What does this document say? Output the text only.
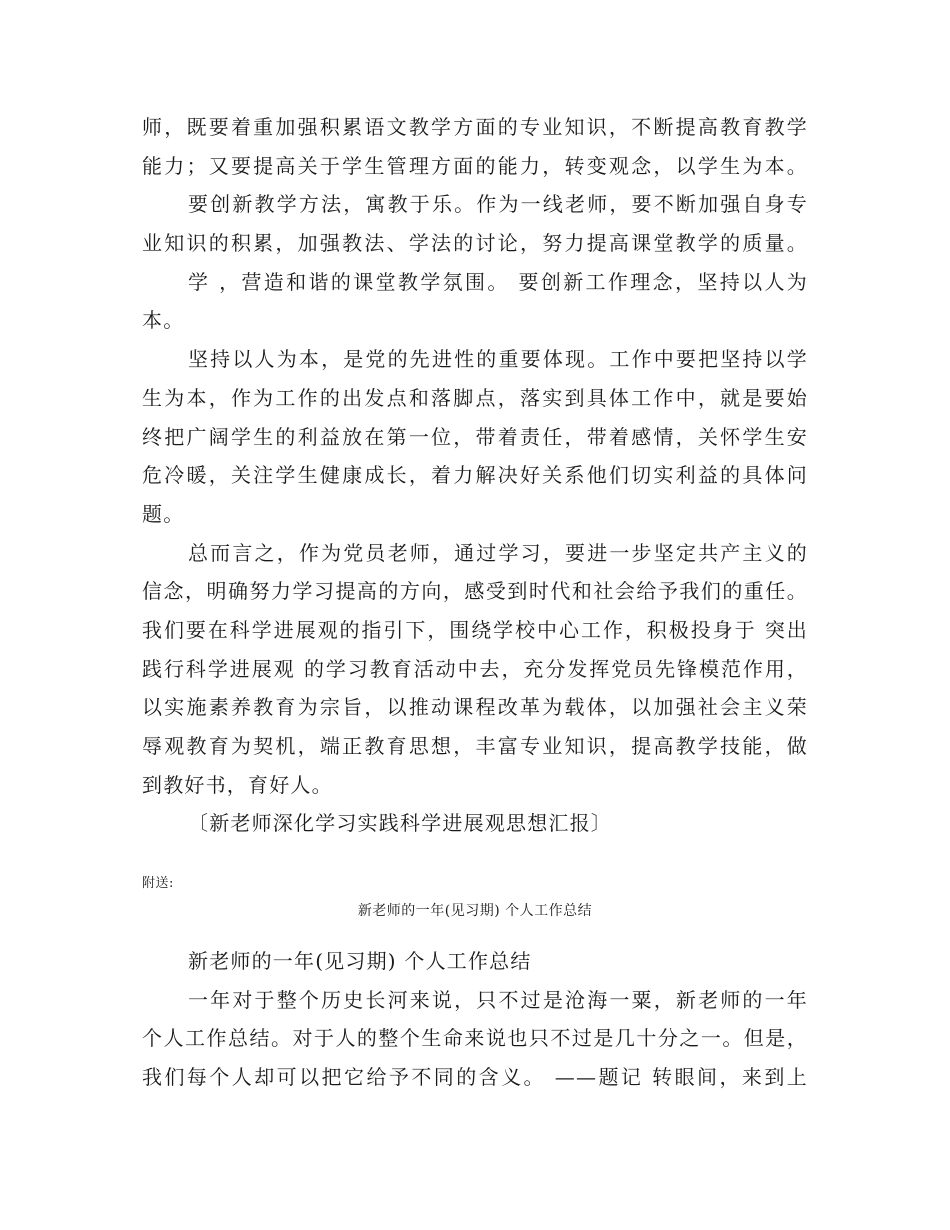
师，既要着重加强积累语文教学方面的专业知识，不断提高教育教学
能力；又要提高关于学生管理方面的能力，转变观念，以学生为本。
要创新教学方法，寓教于乐。作为一线老师，要不断加强自身专
业知识的积累，加强教法、学法的讨论，努力提高课堂教学的质量。
学 ，营造和谐的课堂教学氛围。 要创新工作理念，坚持以人为
本。
坚持以人为本，是党的先进性的重要体现。工作中要把坚持以学
生为本，作为工作的出发点和落脚点，落实到具体工作中，就是要始
终把广阔学生的利益放在第一位，带着责任，带着感情，关怀学生安
危冷暖，关注学生健康成长，着力解决好关系他们切实利益的具体问
题。
总而言之，作为党员老师，通过学习，要进一步坚定共产主义的
信念，明确努力学习提高的方向，感受到时代和社会给予我们的重任。
我们要在科学进展观的指引下，围绕学校中心工作，积极投身于 突出
践行科学进展观 的学习教育活动中去，充分发挥党员先锋模范作用，
以实施素养教育为宗旨，以推动课程改革为载体，以加强社会主义荣
辱观教育为契机，端正教育思想，丰富专业知识，提高教学技能，做
到教好书，育好人。
〔新老师深化学习实践科学进展观思想汇报〕
附送:
新老师的一年(见习期) 个人工作总结
新老师的一年(见习期) 个人工作总结
一年对于整个历史长河来说，只不过是沧海一粟，新老师的一年
个人工作总结。对于人的整个生命来说也只不过是几十分之一。但是，
我们每个人却可以把它给予不同的含义。 ——题记 转眼间，来到上
